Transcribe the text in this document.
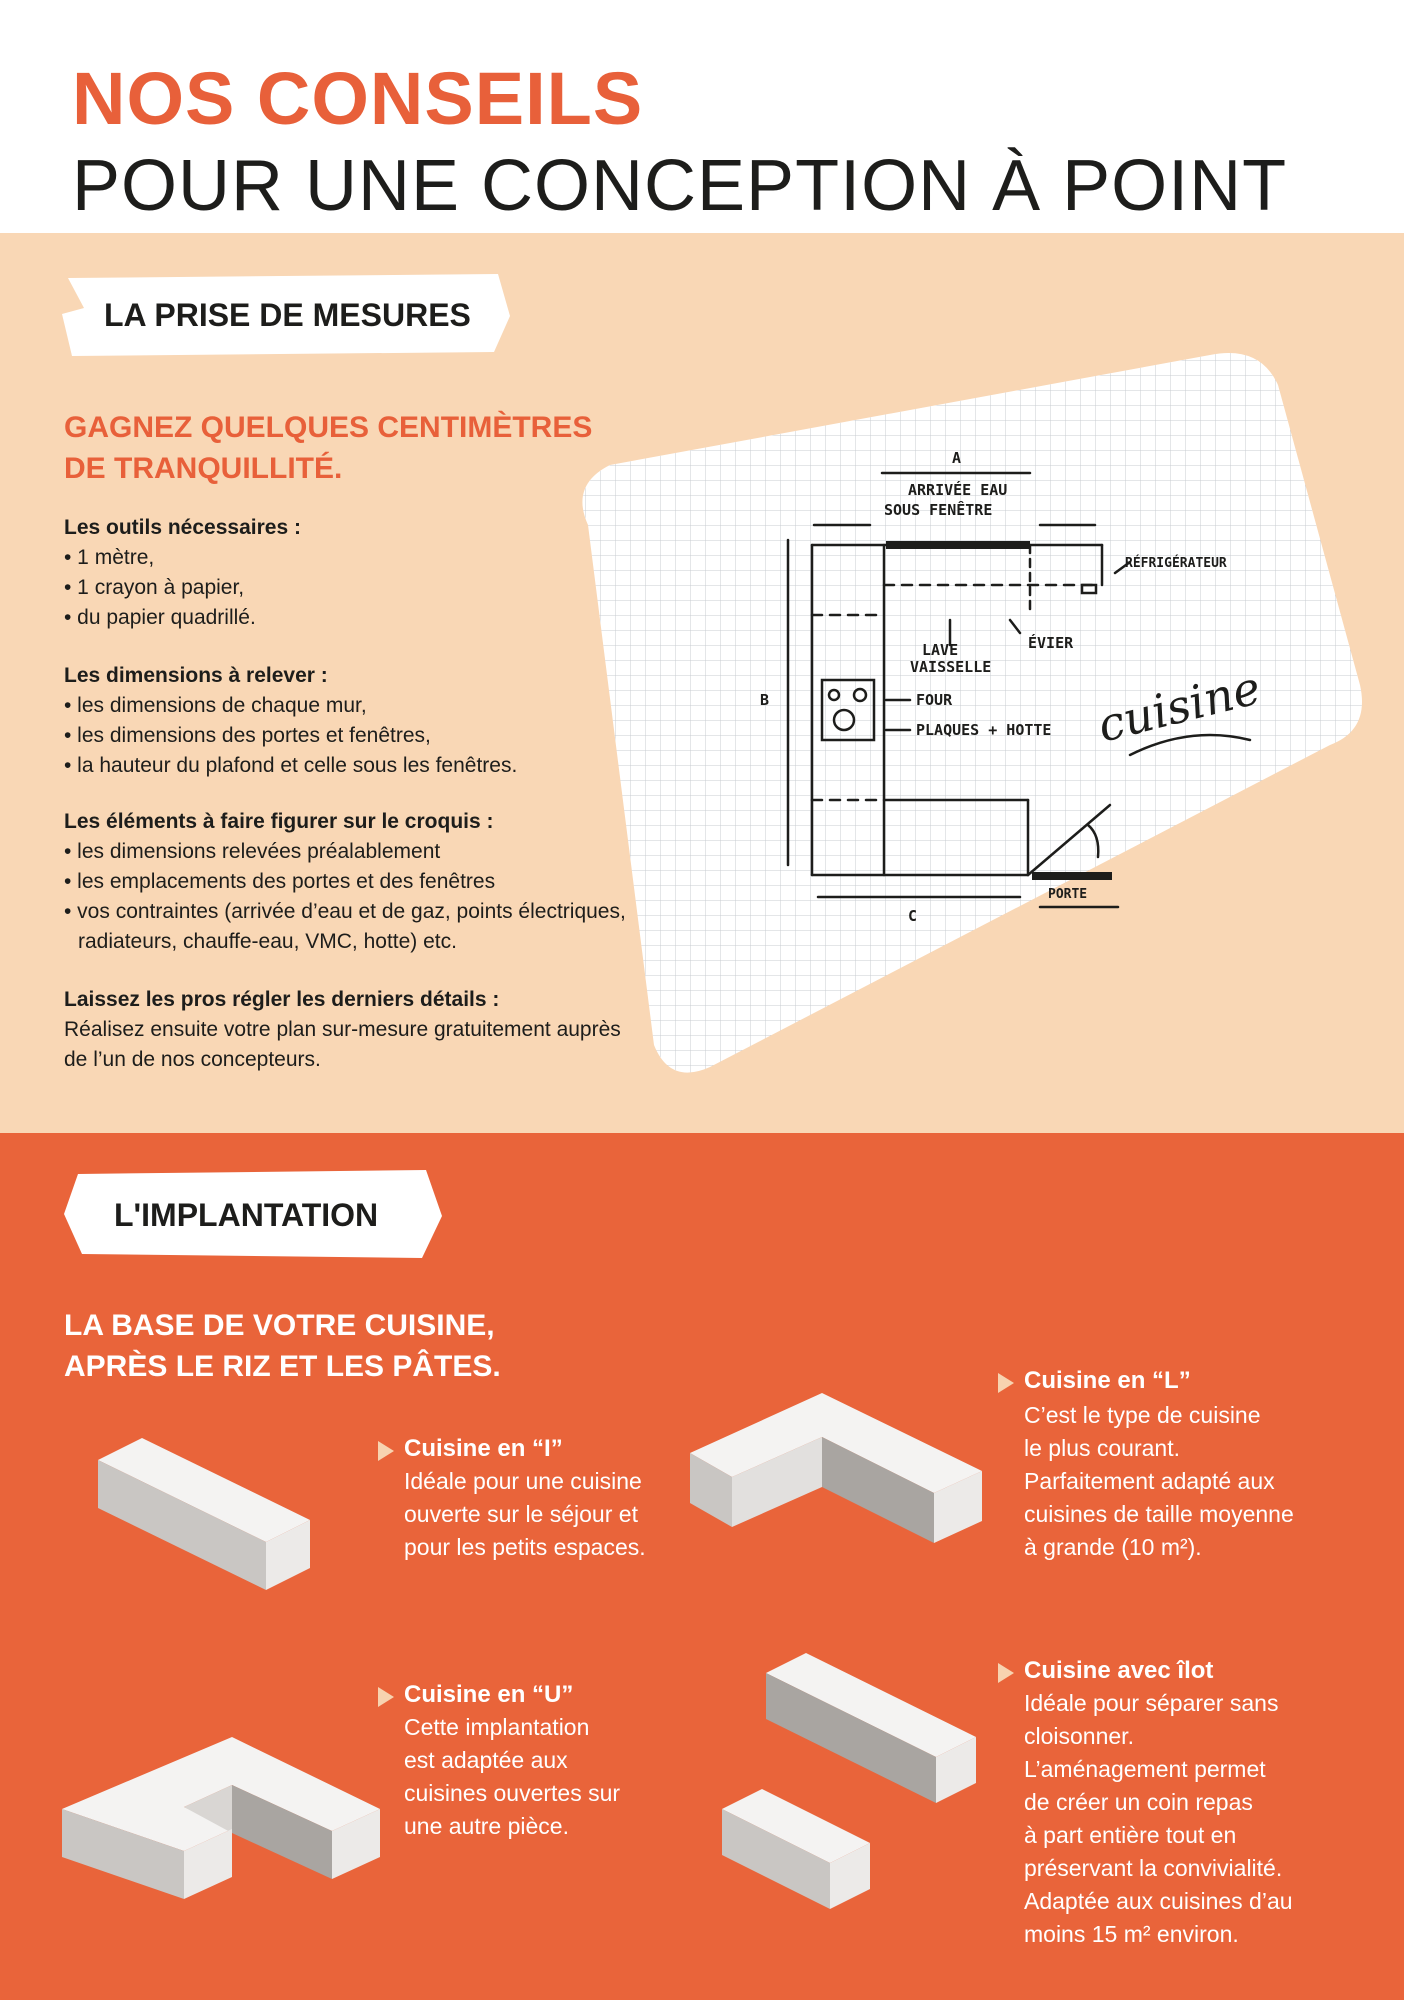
NOS CONSEILS
POUR UNE CONCEPTION À POINT
LA PRISE DE MESURES
GAGNEZ QUELQUES CENTIMÈTRES
DE TRANQUILLITÉ.
Les outils nécessaires :
• 1 mètre,
• 1 crayon à papier,
• du papier quadrillé.
Les dimensions à relever :
• les dimensions de chaque mur,
• les dimensions des portes et fenêtres,
• la hauteur du plafond et celle sous les fenêtres.
Les éléments à faire figurer sur le croquis :
• les dimensions relevées préalablement
• les emplacements des portes et des fenêtres
• vos contraintes (arrivée d’eau et de gaz, points électriques, radiateurs, chauffe-eau, VMC, hotte) etc.
Laissez les pros régler les derniers détails :
Réalisez ensuite votre plan sur-mesure gratuitement auprès de l’un de nos concepteurs.
A
ARRIVÉE EAU
SOUS FENÊTRE
RÉFRIGÉRATEUR
LAVE
VAISSELLE
ÉVIER
B	FOUR
PLAQUES + HOTTE
PORTE
C
cuisine
L'IMPLANTATION
LA BASE DE VOTRE CUISINE,
APRÈS LE RIZ ET LES PÂTES.
Cuisine en “I”
Idéale pour une cuisine
ouverte sur le séjour et
pour les petits espaces.
Cuisine en “L”
C’est le type de cuisine
le plus courant.
Parfaitement adapté aux
cuisines de taille moyenne
à grande (10 m²).
Cuisine en “U”
Cette implantation
est adaptée aux
cuisines ouvertes sur
une autre pièce.
Cuisine avec îlot
Idéale pour séparer sans
cloisonner.
L’aménagement permet
de créer un coin repas
à part entière tout en
préservant la convivialité.
Adaptée aux cuisines d’au
moins 15 m² environ.
